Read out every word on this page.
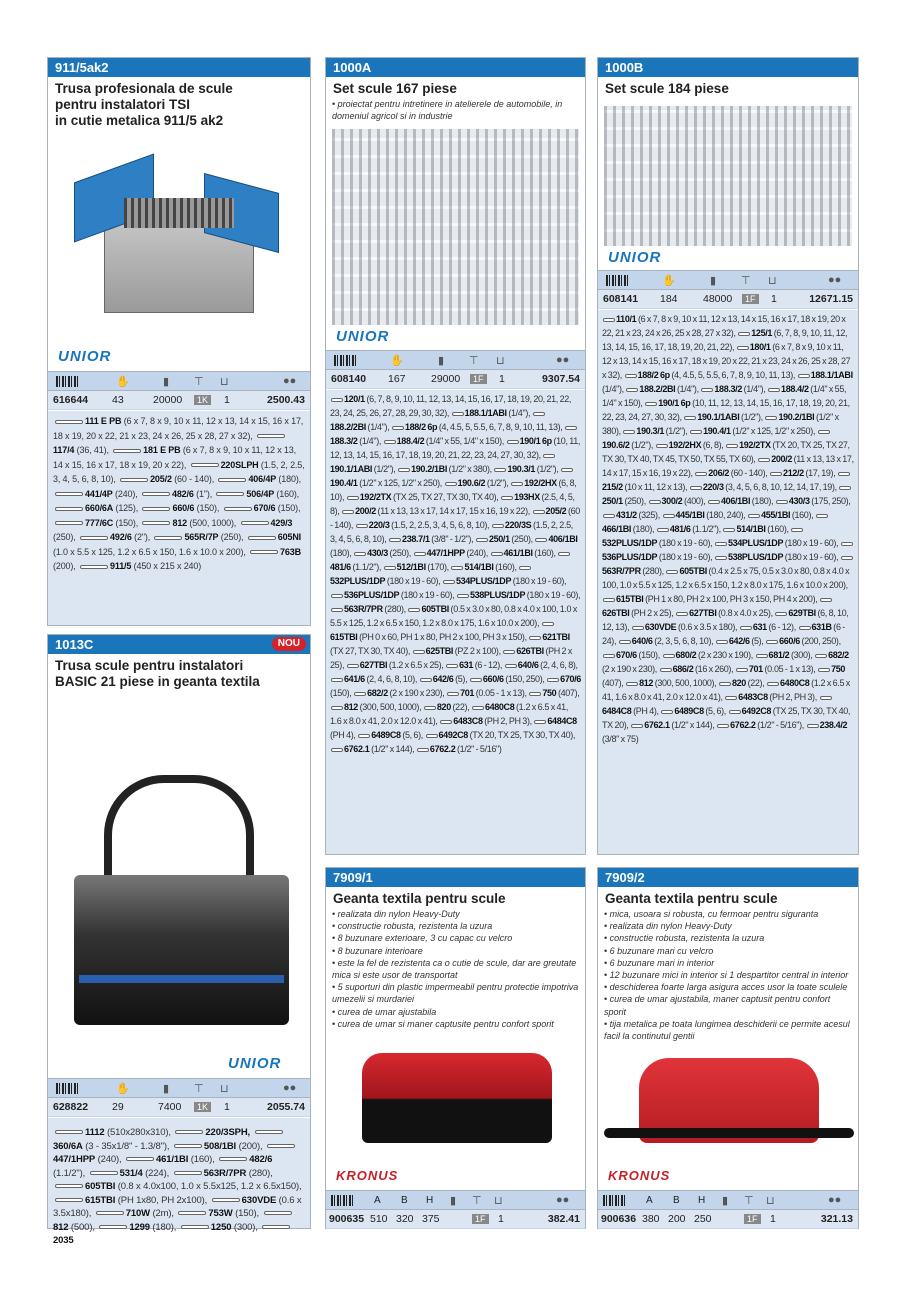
911/5ak2
Trusa profesionala de scule
pentru instalatori TSI
in cutie metalica 911/5 ak2
UNIOR
✋	▮ ⊤ ⊔	●●
616644 43	20000	1K 1	2500.43
111 E PB (6 x 7, 8 x 9, 10 x 11, 12 x 13, 14 x 15, 16 x 17, 18 x 19, 20 x 22, 21 x 23, 24 x 26, 25 x 28, 27 x 32), 117/4 (36, 41),	181 E PB (6 x 7, 8 x 9, 10 x 11, 12 x 13, 14 x 15, 16 x 17, 18 x 19, 20 x 22),	220SLPH (1.5, 2, 2.5, 3, 4, 5, 6, 8, 10),	205/2 (60 - 140),	406/4P (180), 441/4P (240),	482/6 (1"),	506/4P (160), 660/6A (125),	660/6 (150),	670/6 (150), 777/6C (150),	812 (500, 1000),	429/3 (250),	492/6 (2"),	565R/7P (250),	605NI (1.0 x 5.5 x 125, 1.2 x 6.5 x 150, 1.6 x 10.0 x 200),	763B (200),	911/5 (450 x 215 x 240)
1000A
Set scule 167 piese
• proiectat pentru intretinere in atelierele de automobile, in domeniul agricol si in industrie
UNIOR
✋	▮ ⊤ ⊔	●●
608140 167 29000	1F 1	9307.54
120/1 (6, 7, 8, 9, 10, 11, 12, 13, 14, 15, 16, 17, 18, 19, 20, 21, 22, 23, 24, 25, 26, 27, 28, 29, 30, 32), 188.1/1ABI (1/4"), 188.2/2BI (1/4"), 188/2 6p (4, 4.5, 5, 5.5, 6, 7, 8, 9, 10, 11, 13), 188.3/2 (1/4"), 188.4/2 (1/4" x 55, 1/4" x 150), 190/1 6p (10, 11, 12, 13, 14, 15, 16, 17, 18, 19, 20, 21, 22, 23, 24, 27, 30, 32), 190.1/1ABI (1/2"), 190.2/1BI (1/2" x 380), 190.3/1 (1/2"), 190.4/1 (1/2" x 125, 1/2" x 250), 190.6/2 (1/2"), 192/2HX (6, 8, 10), 192/2TX (TX 25, TX 27, TX 30, TX 40), 193HX (2.5, 4, 5, 8), 200/2 (11 x 13, 13 x 17, 14 x 17, 15 x 16, 19 x 22), 205/2 (60 - 140), 220/3 (1.5, 2, 2.5, 3, 4, 5, 6, 8, 10), 220/3S (1.5, 2, 2.5, 3, 4, 5, 6, 8, 10), 238.7/1 (3/8" - 1/2"), 250/1 (250), 406/1BI (180), 430/3 (250), 447/1HPP (240), 461/1BI (160), 481/6 (1.1/2"), 512/1BI (170), 514/1BI (160), 532PLUS/1DP (180 x 19 - 60), 534PLUS/1DP (180 x 19 - 60), 536PLUS/1DP (180 x 19 - 60), 538PLUS/1DP (180 x 19 - 60), 563R/7PR (280), 605TBI (0.5 x 3.0 x 80, 0.8 x 4.0 x 100, 1.0 x 5.5 x 125, 1.2 x 6.5 x 150, 1.2 x 8.0 x 175, 1.6 x 10.0 x 200), 615TBI (PH 0 x 60, PH 1 x 80, PH 2 x 100, PH 3 x 150), 621TBI (TX 27, TX 30, TX 40), 625TBI (PZ 2 x 100), 626TBI (PH 2 x 25), 627TBI (1.2 x 6.5 x 25), 631 (6 - 12), 640/6 (2, 4, 6, 8), 641/6 (2, 4, 6, 8, 10), 642/6 (5), 660/6 (150, 250), 670/6 (150), 682/2 (2 x 190 x 230), 701 (0.05 - 1 x 13), 750 (407), 812 (300, 500, 1000), 820 (22), 6480C8 (1.2 x 6.5 x 41, 1.6 x 8.0 x 41, 2.0 x 12.0 x 41), 6483C8 (PH 2, PH 3), 6484C8 (PH 4), 6489C8 (5, 6), 6492C8 (TX 20, TX 25, TX 30, TX 40), 6762.1 (1/2" x 144), 6762.2 (1/2" - 5/16")
1000B
Set scule 184 piese
UNIOR
✋	▮ ⊤ ⊔	●●
608141 184 48000	1F 1	12671.15
110/1 (6 x 7, 8 x 9, 10 x 11, 12 x 13, 14 x 15, 16 x 17, 18 x 19, 20 x 22, 21 x 23, 24 x 26, 25 x 28, 27 x 32), 125/1 (6, 7, 8, 9, 10, 11, 12, 13, 14, 15, 16, 17, 18, 19, 20, 21, 22), 180/1 (6 x 7, 8 x 9, 10 x 11, 12 x 13, 14 x 15, 16 x 17, 18 x 19, 20 x 22, 21 x 23, 24 x 26, 25 x 28, 27 x 32), 188/2 6p (4, 4.5, 5, 5.5, 6, 7, 8, 9, 10, 11, 13), 188.1/1ABI (1/4"), 188.2/2BI (1/4"), 188.3/2 (1/4"), 188.4/2 (1/4" x 55, 1/4" x 150), 190/1 6p (10, 11, 12, 13, 14, 15, 16, 17, 18, 19, 20, 21, 22, 23, 24, 27, 30, 32), 190.1/1ABI (1/2"), 190.2/1BI (1/2" x 380), 190.3/1 (1/2"), 190.4/1 (1/2" x 125, 1/2" x 250), 190.6/2 (1/2"), 192/2HX (6, 8), 192/2TX (TX 20, TX 25, TX 27, TX 30, TX 40, TX 45, TX 50, TX 55, TX 60), 200/2 (11 x 13, 13 x 17, 14 x 17, 15 x 16, 19 x 22), 206/2 (60 - 140), 212/2 (17, 19), 215/2 (10 x 11, 12 x 13), 220/3 (3, 4, 5, 6, 8, 10, 12, 14, 17, 19), 250/1 (250), 300/2 (400), 406/1BI (180), 430/3 (175, 250), 431/2 (325), 445/1BI (180, 240), 455/1BI (160), 466/1BI (180), 481/6 (1.1/2"), 514/1BI (160), 532PLUS/1DP (180 x 19 - 60), 534PLUS/1DP (180 x 19 - 60), 536PLUS/1DP (180 x 19 - 60), 538PLUS/1DP (180 x 19 - 60), 563R/7PR (280), 605TBI (0.4 x 2.5 x 75, 0.5 x 3.0 x 80, 0.8 x 4.0 x 100, 1.0 x 5.5 x 125, 1.2 x 6.5 x 150, 1.2 x 8.0 x 175, 1.6 x 10.0 x 200), 615TBI (PH 1 x 80, PH 2 x 100, PH 3 x 150, PH 4 x 200), 626TBI (PH 2 x 25), 627TBI (0.8 x 4.0 x 25), 629TBI (6, 8, 10, 12, 13), 630VDE (0.6 x 3.5 x 180), 631 (6 - 12), 631B (6 - 24), 640/6 (2, 3, 5, 6, 8, 10), 642/6 (5), 660/6 (200, 250), 670/6 (150), 680/2 (2 x 230 x 190), 681/2 (300), 682/2 (2 x 190 x 230), 686/2 (16 x 260), 701 (0.05 - 1 x 13), 750 (407), 812 (300, 500, 1000), 820 (22), 6480C8 (1.2 x 6.5 x 41, 1.6 x 8.0 x 41, 2.0 x 12.0 x 41), 6483C8 (PH 2, PH 3), 6484C8 (PH 4), 6489C8 (5, 6), 6492C8 (TX 25, TX 30, TX 40, TX 20), 6762.1 (1/2" x 144), 6762.2 (1/2" - 5/16"), 238.4/2 (3/8" x 75)
1013C	NOU
Trusa scule pentru instalatori
BASIC 21 piese in geanta textila
UNIOR
✋	▮ ⊤ ⊔	●●
628822 29	7400	1K 1	2055.74
1112 (510x280x310),	220/3SPH, 360/6A (3 - 35x1/8" - 1.3/8"),	508/1BI (200), 447/1HPP (240),	461/1BI (160),	482/6 (1.1/2"),	531/4 (224),	563R/7PR (280), 605TBI (0.8 x 4.0x100, 1.0 x 5.5x125, 1.2 x 6.5x150), 615TBI (PH 1x80, PH 2x100),	630VDE (0.6 x 3.5x180),	710W (2m),	753W (150), 812 (500),	1299 (180),	1250 (300), 2035
7909/1
Geanta textila pentru scule
• realizata din nylon Heavy-Duty
• constructie robusta, rezistenta la uzura
• 8 buzunare exterioare, 3 cu capac cu velcro
• 8 buzunare interioare
• este la fel de rezistenta ca o cutie de scule, dar are greutate mica si este usor de transportat
• 5 suporturi din plastic impermeabil pentru protectie impotriva umezelii si murdariei
• curea de umar ajustabila
• curea de umar si maner captusite pentru confort sporit
KRONUS
A B H ▮ ⊤ ⊔	●●
900635 510 320 375	1F 1	382.41
7909/2
Geanta textila pentru scule
• mica, usoara si robusta, cu fermoar pentru siguranta
• realizata din nylon Heavy-Duty
• constructie robusta, rezistenta la uzura
• 6 buzunare mari cu velcro
• 6 buzunare mari in interior
• 12 buzunare mici in interior si 1 despartitor central in interior
• deschiderea foarte larga asigura acces usor la toate sculele
• curea de umar ajustabila, maner captusit pentru confort sporit
• tija metalica pe toata lungimea deschiderii ce permite acesul facil la continutul gentii
KRONUS
A B H ▮ ⊤ ⊔	●●
900636 380 200 250	1F 1	321.13
